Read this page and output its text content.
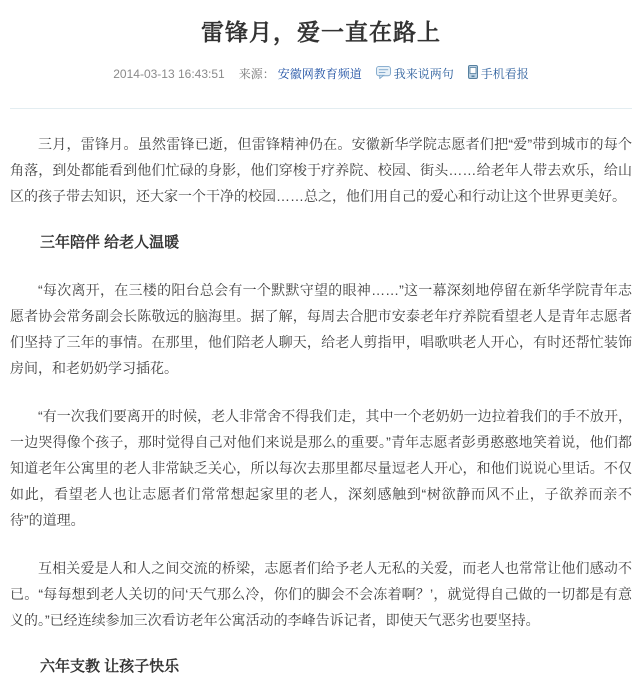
雷锋月，爱一直在路上
2014-03-13 16:43:51 来源： 安徽网教育频道	我来说两句 手机看报

三月，雷锋月。虽然雷锋已逝，但雷锋精神仍在。安徽新华学院志愿者们把“爱”带到城市的每个角落，到处都能看到他们忙碌的身影，他们穿梭于疗养院、校园、街头……给老年人带去欢乐，给山区的孩子带去知识，还大家一个干净的校园……总之，他们用自己的爱心和行动让这个世界更美好。

三年陪伴 给老人温暖

“每次离开，在三楼的阳台总会有一个默默守望的眼神……”这一幕深刻地停留在新华学院青年志愿者协会常务副会长陈敬远的脑海里。据了解，每周去合肥市安泰老年疗养院看望老人是青年志愿者们坚持了三年的事情。在那里，他们陪老人聊天，给老人剪指甲，唱歌哄老人开心，有时还帮忙装饰房间，和老奶奶学习插花。

“有一次我们要离开的时候，老人非常舍不得我们走，其中一个老奶奶一边拉着我们的手不放开，一边哭得像个孩子，那时觉得自己对他们来说是那么的重要。”青年志愿者彭勇憨憨地笑着说，他们都知道老年公寓里的老人非常缺乏关心，所以每次去那里都尽量逗老人开心，和他们说说心里话。不仅如此，看望老人也让志愿者们常常想起家里的老人，深刻感触到“树欲静而风不止，子欲养而亲不待”的道理。

互相关爱是人和人之间交流的桥梁，志愿者们给予老人无私的关爱，而老人也常常让他们感动不已。“每每想到老人关切的问‘天气那么冷，你们的脚会不会冻着啊？’，就觉得自己做的一切都是有意义的。”已经连续参加三次看访老年公寓活动的李峰告诉记者，即使天气恶劣也要坚持。

六年支教 让孩子快乐
